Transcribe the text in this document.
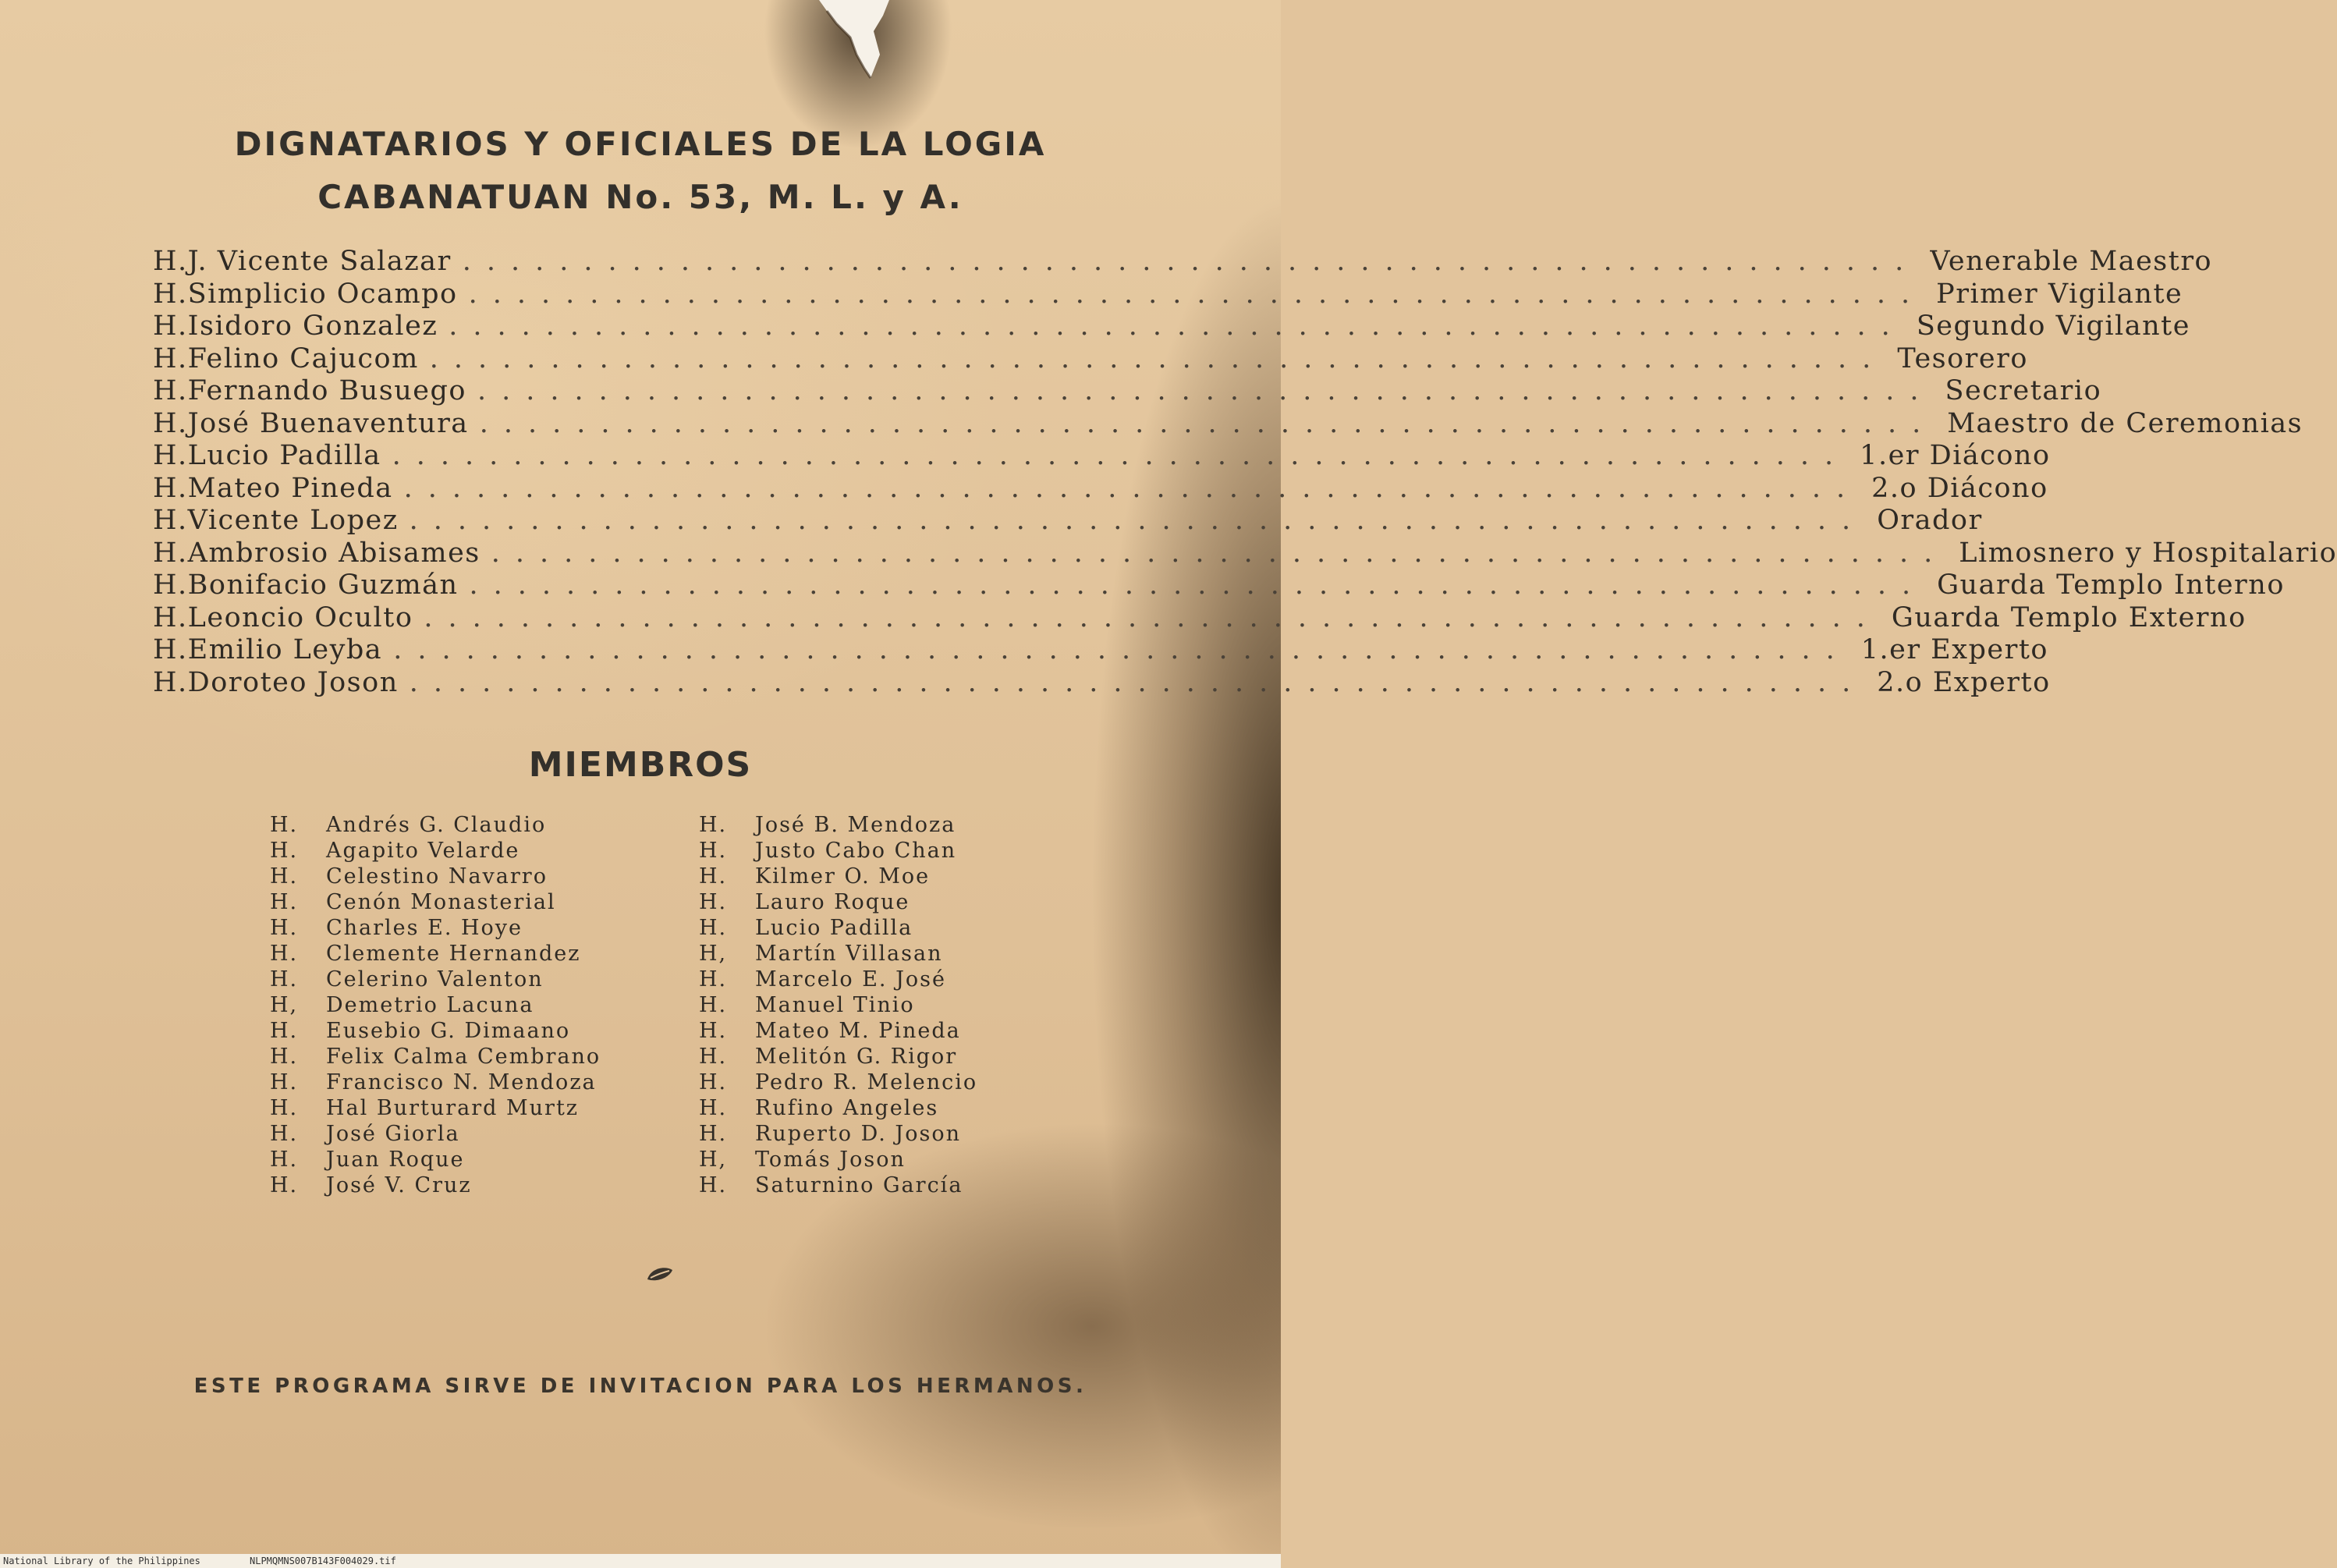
DIGNATARIOS Y OFICIALES DE LA LOGIA
CABANATUAN No. 53, M. L. y A.
H. J. Vicente Salazar ............................................................ Venerable Maestro
H. Simplicio Ocampo ............................................................ Primer Vigilante
H. Isidoro Gonzalez ............................................................ Segundo Vigilante
H. Felino Cajucom ............................................................ Tesorero
H. Fernando Busuego ............................................................ Secretario
H. José Buenaventura ............................................................ Maestro de Ceremonias
H. Lucio Padilla ............................................................ 1.er Diácono
H. Mateo Pineda ............................................................ 2.o Diácono
H. Vicente Lopez ............................................................ Orador
H. Ambrosio Abisames ............................................................ Limosnero y Hospitalario
H. Bonifacio Guzmán ............................................................ Guarda Templo Interno
H. Leoncio Oculto ............................................................ Guarda Templo Externo
H. Emilio Leyba ............................................................ 1.er Experto
H. Doroteo Joson ............................................................ 2.o Experto
MIEMBROS
H.	Andrés G. Claudio
H.	Agapito Velarde
H.	Celestino Navarro
H.	Cenón Monasterial
H.	Charles E. Hoye
H.	Clemente Hernandez
H.	Celerino Valenton
H,	Demetrio Lacuna
H.	Eusebio G. Dimaano
H.	Felix Calma Cembrano
H.	Francisco N. Mendoza
H.	Hal Burturard Murtz
H.	José Giorla
H.	Juan Roque
H.	José V. Cruz
H.	José B. Mendoza
H.	Justo Cabo Chan
H.	Kilmer O. Moe
H.	Lauro Roque
H.	Lucio Padilla
H,	Martín Villasan
H.	Marcelo E. José
H.	Manuel Tinio
H.	Mateo M. Pineda
H.	Melitón G. Rigor
H.	Pedro R. Melencio
H.	Rufino Angeles
H.	Ruperto D. Joson
H,	Tomás Joson
H.	Saturnino García
ESTE PROGRAMA SIRVE DE INVITACION PARA LOS HERMANOS.
National Library of the Philippines	NLPMQMNS007B143F004029.tif
